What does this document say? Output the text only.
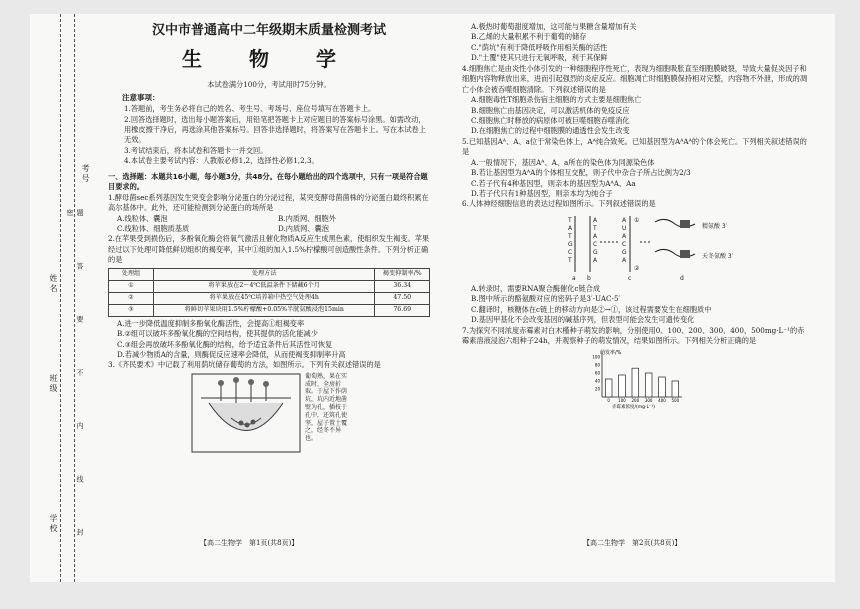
考号
姓名
班级
学校	题 答 要 不 内 线 封 密
汉中市普通高中二年级期末质量检测考试
生 物 学

本试卷满分100分，考试用时75分钟。

注意事项：

1.答题前，考生务必将自己的姓名、考生号、考场号、座位号填写在答题卡上。

2.回答选择题时，选出每小题答案后，用铅笔把答题卡上对应题目的答案标号涂黑。如需改动，用橡皮擦干净后，再选涂其他答案标号。回答非选择题时，将答案写在答题卡上。写在本试卷上无效。

3.考试结束后，将本试卷和答题卡一并交回。

4.本试卷主要考试内容：人教版必修1,2，选择性必修1,2,3。

一、选择题：本题共16小题，每小题3分，共48分。在每小题给出的四个选项中，只有一项是符合题目要求的。

1.酵母菌sec系列基因发生突变会影响分泌蛋白的分泌过程，某突变酵母菌菌株的分泌蛋白最终积累在高尔基体中。此外，还可能检测到分泌蛋白的场所是

A.线粒体、囊泡	B.内质网、细胞外
C.线粒体、细胞质基质	D.内质网、囊泡

2.在苹果受到损伤后，多酚氧化酶会将氧气激活且催化物质A反应生成黑色素，使组织发生褐变。苹果经过以下处理可降低鲜切组织的褐变率，其中①组的加入1.5%柠檬酸可创造酸性条件。下列分析正确的是

处理组	处理方法	褐变抑制率/%
①	将苹果放在2～4℃低温条件下储藏6个月	36.34
②	将苹果放在45℃培养箱中热空气处理4h	47.50
③	将鲜切苹果块用1.5%柠檬酸+0.05%半胱氨酸浸泡15min	76.69

A.进一步降低温度抑制多酚氧化酶活性，会提高①组褐变率

B.②组可以破坏多酚氧化酶的空间结构，使其提供的活化能减少

C.③组会再放破坏多酚氧化酶的结构，给予适宜条件后其活性可恢复

D.若减少物质A的含量，则酶促反应速率会降低，从而使褐变抑制率升高

3.《齐民要术》中记载了利用荫坑储存葡萄的方法，如图所示。下列有关叙述错误的是

葡萄熟，果在实成时，全房折取。于屋下作荫坑，坑内近地凿壁为孔，插枝于孔中，还筑孔使坚，屋子置土覆之，经冬不异也。
【高二生物学　第1页(共8页)】

A.极热时葡萄甜度增加，这可能与果糖含量增加有关

B.乙烯的大量积累不利于葡萄的储存

C."荫坑"有利于降低呼吸作用相关酶的活性

D."土覆"使其只进行无氧呼吸，利于其保鲜

4.细胞焦亡是由炎性小体引发的一种细胞程序性死亡，表现为细胞吸胀直至细胞膜破裂，导致大量促炎因子和细胞内容物释放出来，进而引起强烈的炎症反应。细胞凋亡时细胞膜保持相对完整，内容物不外泄，形成的凋亡小体会被吞噬细胞清除。下列叙述错误的是

A.细胞毒性T细胞杀伤宿主细胞的方式主要是细胞焦亡

B.细胞焦亡由基因决定，可以激活机体的免疫反应

C.细胞焦亡时释放的病原体可被巨噬细胞吞噬消化

D.在细胞焦亡的过程中细胞膜的通透性会发生改变

5.已知基因Aᴬ、A、a位于常染色体上，Aᴬ纯合致死。已知基因型为AᴬAᴬ的个体会死亡。下列相关叙述错误的是

A.一般情况下，基因Aᴬ、A、a所在的染色体为同源染色体

B.若让基因型为AᴬA的个体相互交配，则子代中杂合子所占比例为2/3

C.若子代有4种基因型，则亲本的基因型为AᴬA、Aa

D.若子代只有1种基因型，则亲本均为纯合子

6.人体神经细胞信息的表达过程如图所示。下列叙述错误的是

T
A
T
G
C
T
A
T
A
C
G
A
A
U
A
C
G
A
a b	c	d
①
②
精氨酸 3′
天冬氨酸 3′

A.转录时，需要RNA聚合酶催化c链合成

B.图中所示的酪氨酸对应的密码子是3′-UAC-5′

C.翻译时，核糖体在c链上的移动方向是②→①，该过程需要发生在细胞质中

D.基因甲基化不会改变基因的碱基序列，但表型可能会发生可遗传变化

7.为探究不同浓度赤霉素对白木槿种子萌发的影响，分别使用0、100、200、300、400、500mg·L⁻¹的赤霉素溶液浸泡六组种子24h，并观察种子的萌发情况，结果如图所示。下列相关分析正确的是

萌发率/%
赤霉素浓度/(mg·L⁻¹)
100
80
60
40
20
0 100 200 300 400 500
【高二生物学　第2页(共8页)】
